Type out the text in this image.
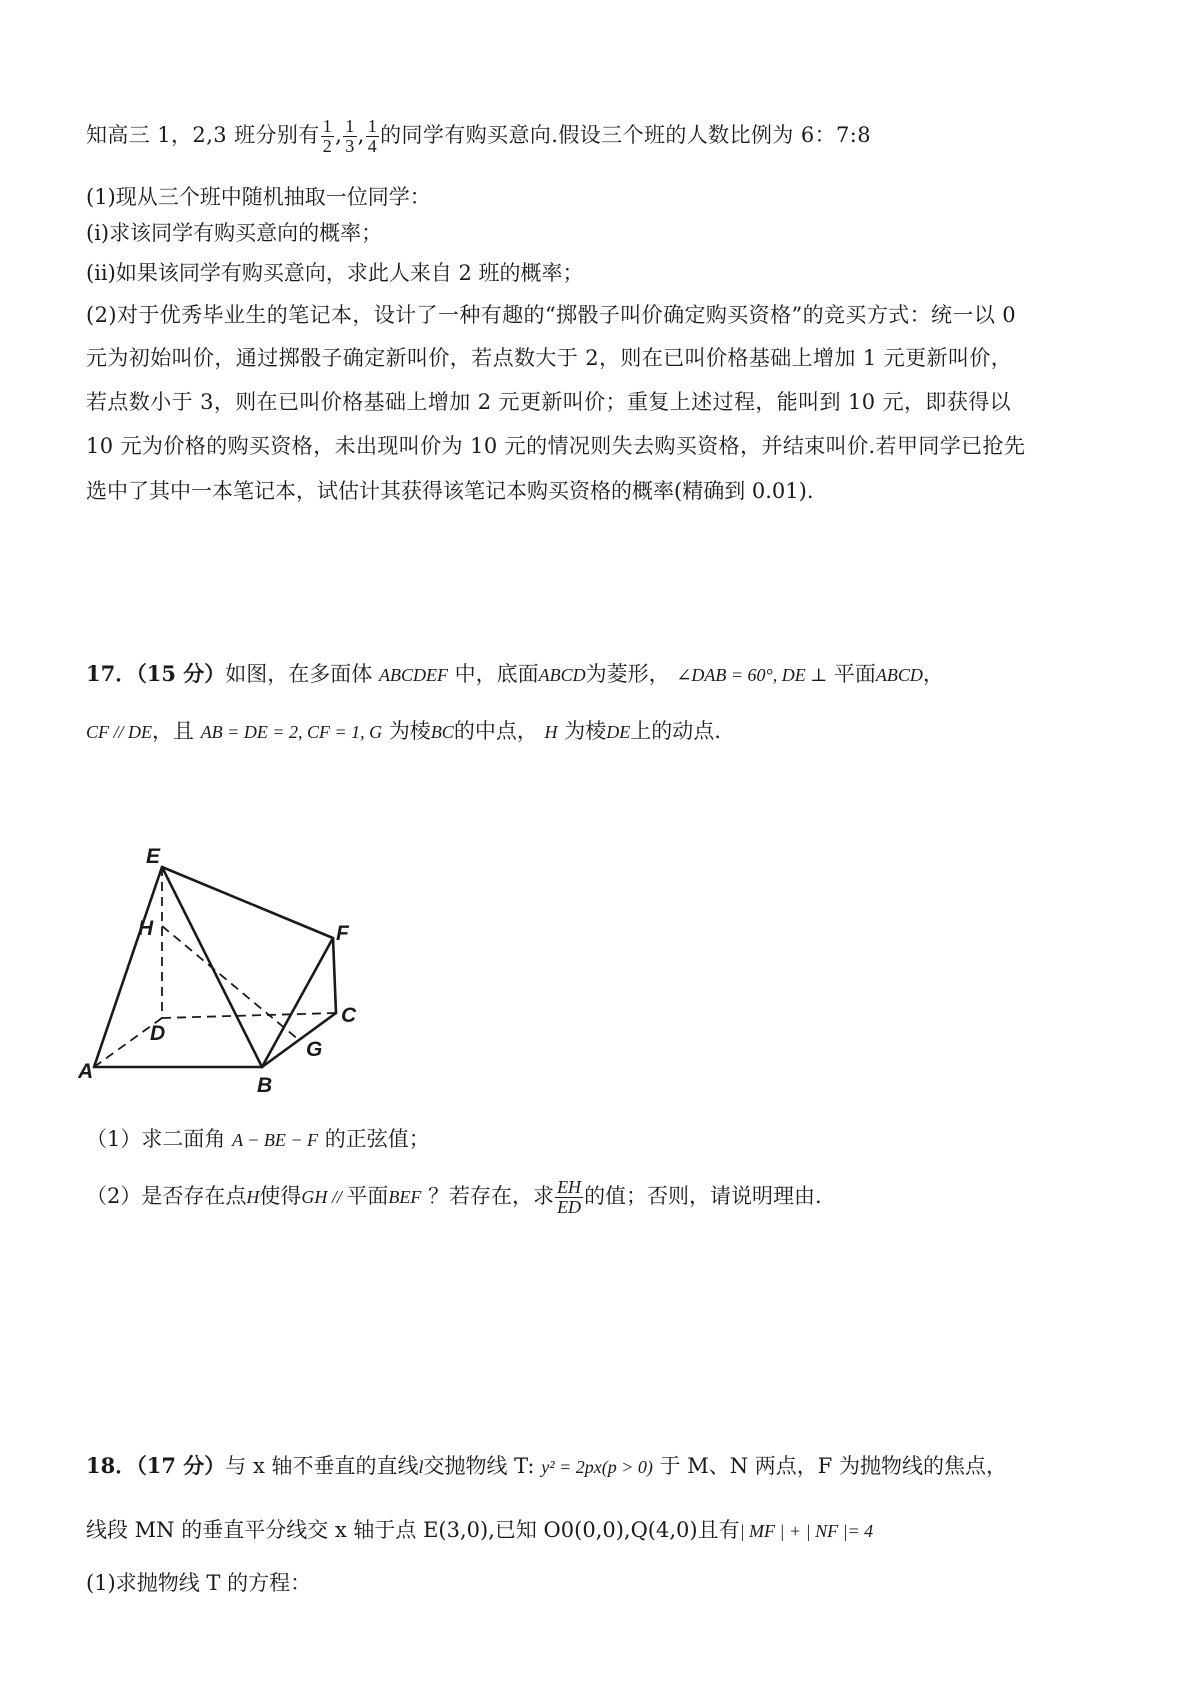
知高三 1，2,3 班分别有 $\frac{1}{2}$ , $\frac{1}{3}$ , $\frac{1}{4}$ 的同学有购买意向.假设三个班的人数比例为 6：7:8
(1)现从三个班中随机抽取一位同学：
(i)求该同学有购买意向的概率；
(ii)如果该同学有购买意向，求此人来自 2 班的概率；
(2)对于优秀毕业生的笔记本，设计了一种有趣的“掷骰子叫价确定购买资格”的竞买方式：统一以 0
元为初始叫价，通过掷骰子确定新叫价，若点数大于 2，则在已叫价格基础上增加 1 元更新叫价，
若点数小于 3，则在已叫价格基础上增加 2 元更新叫价；重复上述过程，能叫到 10 元，即获得以
10 元为价格的购买资格，未出现叫价为 10 元的情况则失去购买资格，并结束叫价.若甲同学已抢先
选中了其中一本笔记本，试估计其获得该笔记本购买资格的概率(精确到 0.01).
17．（15 分）如图，在多面体 ABCDEF 中，底面ABCD为菱形， ∠DAB = 60°, DE ⊥ 平面ABCD，
CF // DE，且 AB = DE = 2, CF = 1, G 为棱BC的中点， H 为棱DE上的动点.
E
H	F
D
C
G
A
B
（1）求二面角 A − BE − F 的正弦值；
（2）是否存在点H使得GH // 平面BEF ？若存在，求 $\frac{EH}{ED}$ 的值；否则，请说明理由.
18．（17 分）与 x 轴不垂直的直线l交抛物线 T: y² = 2px(p > 0) 于 M、N 两点，F 为抛物线的焦点，
线段 MN 的垂直平分线交 x 轴于点 E(3,0),已知 O0(0,0),Q(4,0)且有| MF | + | NF |= 4
(1)求抛物线 T 的方程：
